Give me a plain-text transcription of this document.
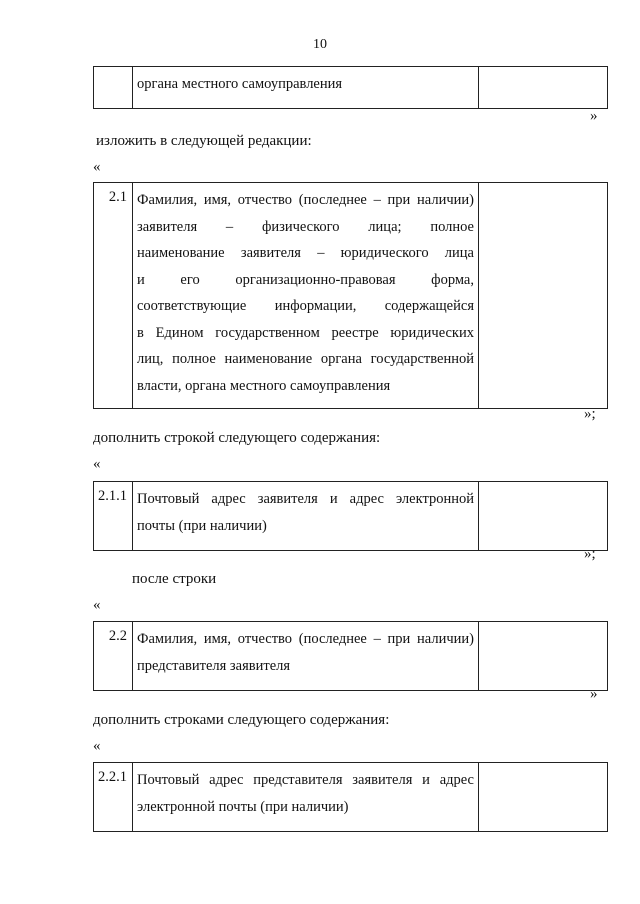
10

органа местного самоуправления

»
изложить в следующей редакции:
«
2.1	Фамилия, имя, отчество (последнее – при наличии)
заявителя – физического лица; полное
наименование заявителя – юридического лица
и его организационно-правовая форма,
соответствующие информации, содержащейся
в Едином государственном реестре юридических
лиц, полное наименование органа государственной
власти, органа местного самоуправления

»;
дополнить строкой следующего содержания:
«
2.1.1	Почтовый адрес заявителя и адрес электронной
почты (при наличии)

»;
после строки
«
2.2	Фамилия, имя, отчество (последнее – при наличии)
представителя заявителя

»
дополнить строками следующего содержания:
«
2.2.1	Почтовый адрес представителя заявителя и адрес
электронной почты (при наличии)
